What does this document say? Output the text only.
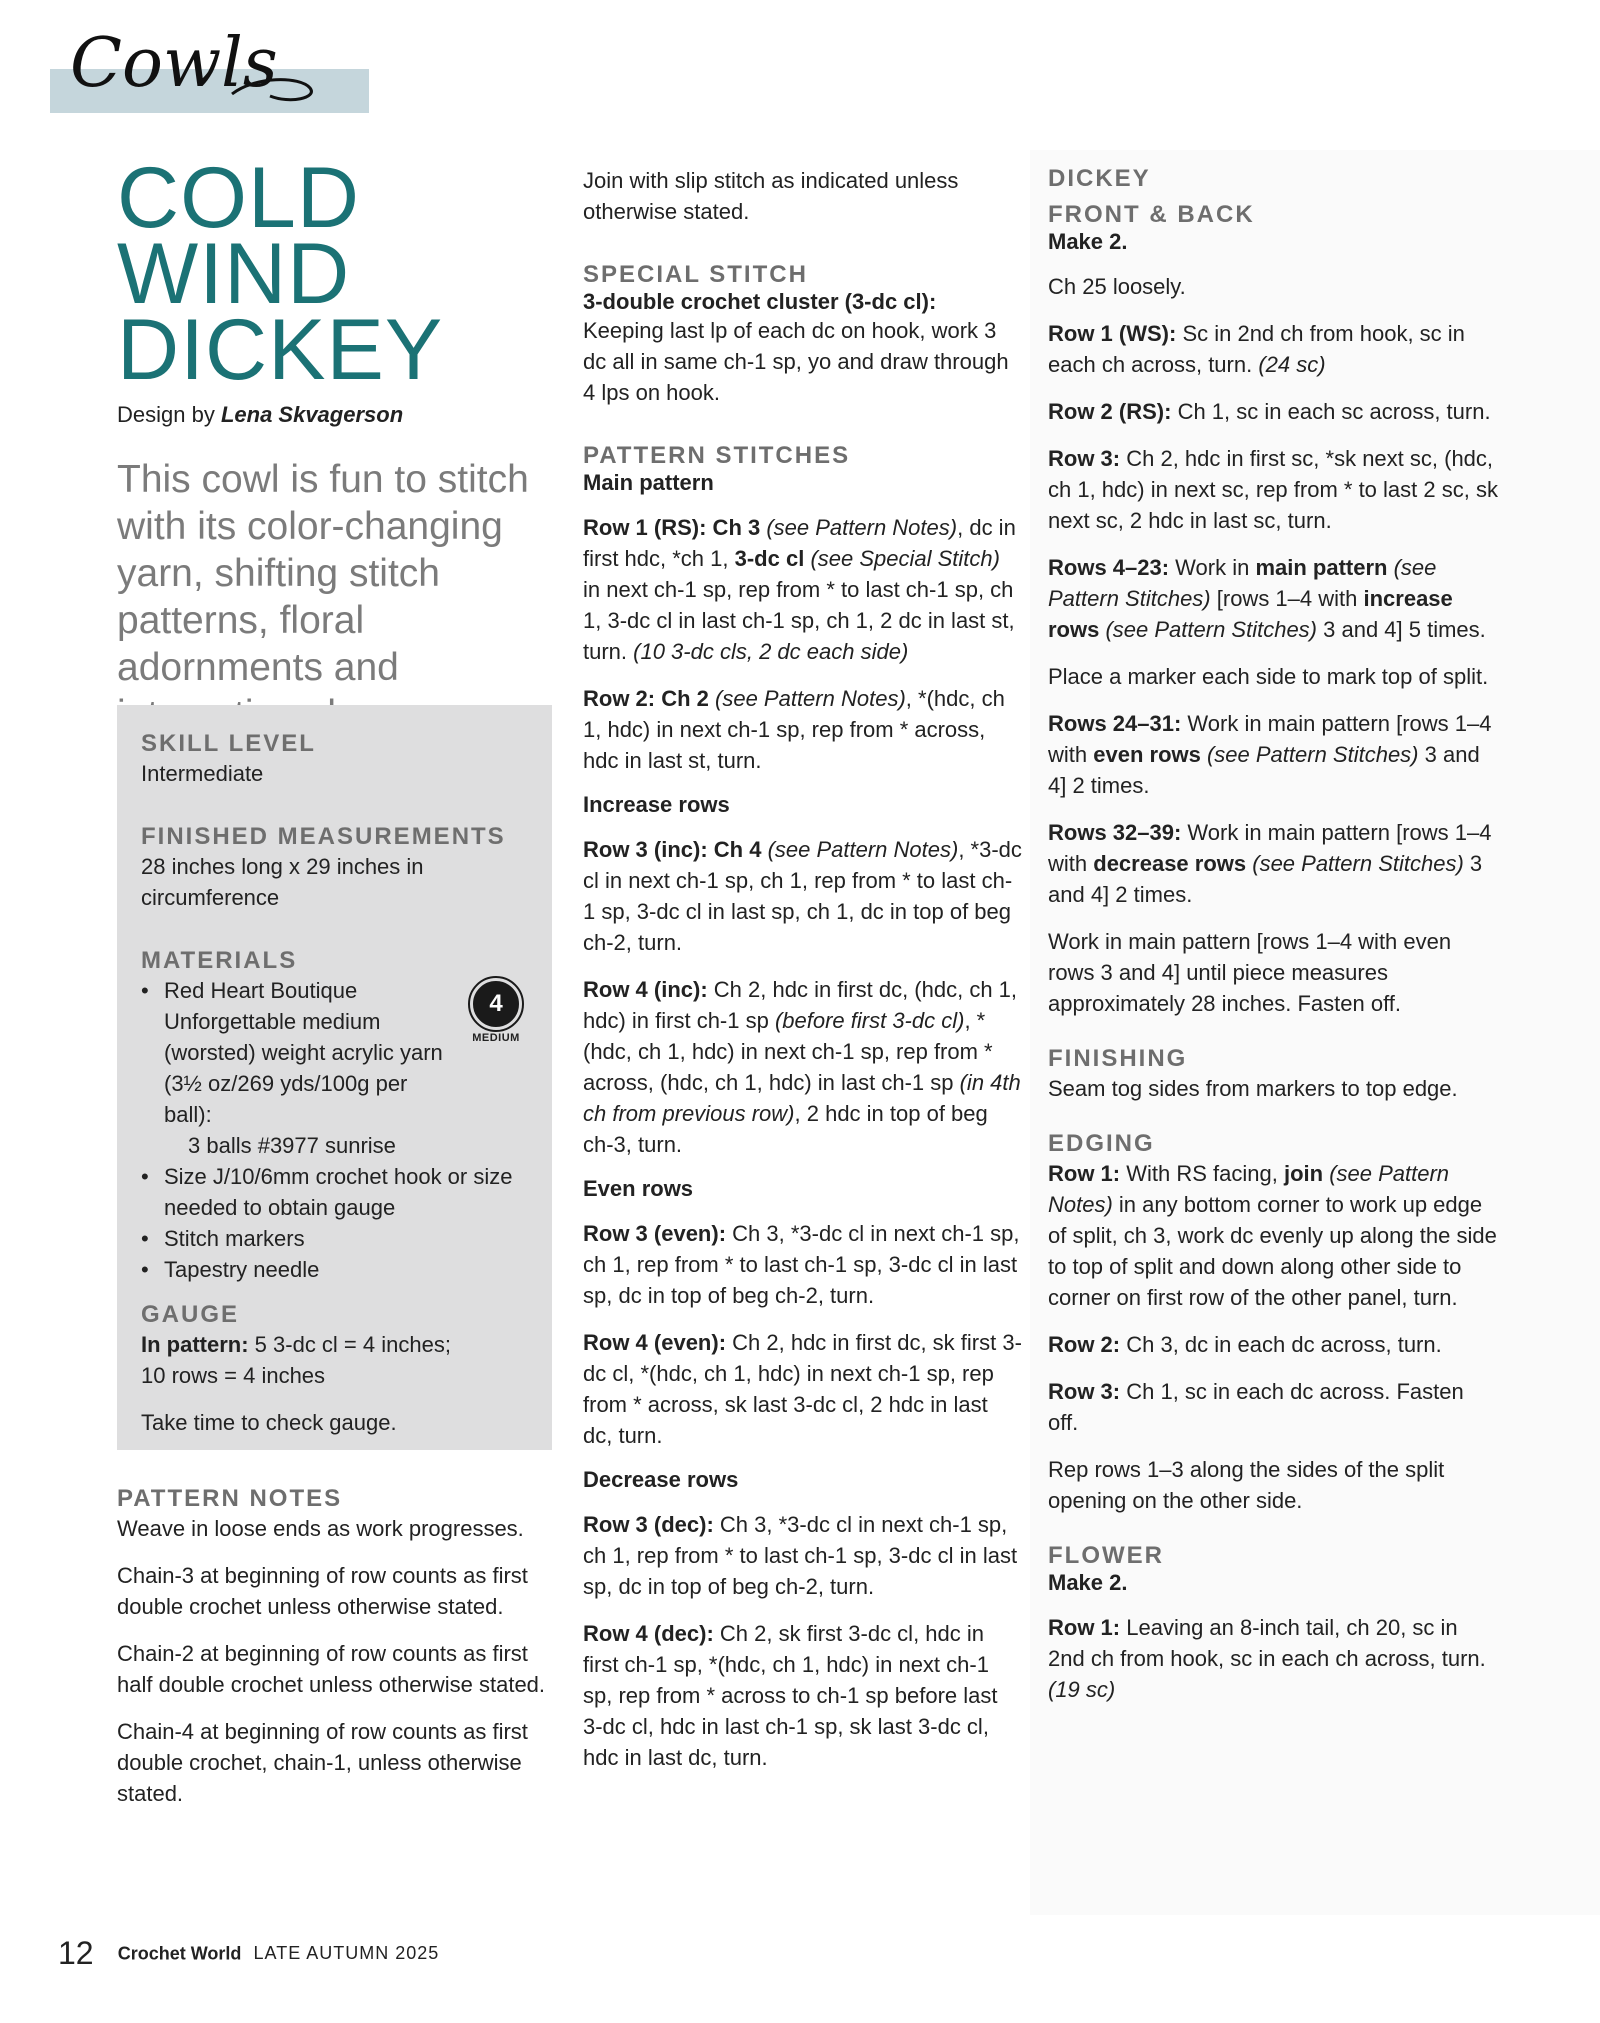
Cowls
COLD WIND
DICKEY
Design by Lena Skvagerson
This cowl is fun to stitch with its color-changing yarn, shifting stitch patterns, floral adornments and

SKILL LEVEL

Intermediate

FINISHED MEASUREMENTS

28 inches long x 29 inches in circumference

MATERIALS

• Red Heart Boutique Unforgettable medium (worsted) weight acrylic yarn (3½ oz/269 yds/100g per ball):
3 balls #3977 sunrise
• Size J/10/6mm crochet hook or size needed to obtain gauge
• Stitch markers
• Tapestry needle
4
MEDIUM

GAUGE

In pattern: 5 3-dc cl = 4 inches;

10 rows = 4 inches

Take time to check gauge.

PATTERN NOTES

Weave in loose ends as work progresses.

Chain-3 at beginning of row counts as first double crochet unless otherwise stated.

Chain-2 at beginning of row counts as first half double crochet unless otherwise stated.

Chain-4 at beginning of row counts as first double crochet, chain-1, unless otherwise stated.

Join with slip stitch as indicated unless otherwise stated.

SPECIAL STITCH

3-double crochet cluster (3-dc cl):

Keeping last lp of each dc on hook, work 3 dc all in same ch-1 sp, yo and draw through 4 lps on hook.

PATTERN STITCHES

Main pattern

Row 1 (RS): Ch 3 (see Pattern Notes), dc in first hdc, *ch 1, 3-dc cl (see Special Stitch) in next ch-1 sp, rep from * to last ch-1 sp, ch 1, 3-dc cl in last ch-1 sp, ch 1, 2 dc in last st, turn. (10 3-dc cls, 2 dc each side)

Row 2: Ch 2 (see Pattern Notes), *(hdc, ch 1, hdc) in next ch-1 sp, rep from * across, hdc in last st, turn.

Increase rows

Row 3 (inc): Ch 4 (see Pattern Notes), *3-dc cl in next ch-1 sp, ch 1, rep from * to last ch-1 sp, 3-dc cl in last sp, ch 1, dc in top of beg ch-2, turn.

Row 4 (inc): Ch 2, hdc in first dc, (hdc, ch 1, hdc) in first ch-1 sp (before first 3-dc cl), *(hdc, ch 1, hdc) in next ch-1 sp, rep from * across, (hdc, ch 1, hdc) in last ch-1 sp (in 4th ch from previous row), 2 hdc in top of beg ch-3, turn.

Even rows

Row 3 (even): Ch 3, *3-dc cl in next ch-1 sp, ch 1, rep from * to last ch-1 sp, 3-dc cl in last sp, dc in top of beg ch-2, turn.

Row 4 (even): Ch 2, hdc in first dc, sk first 3-dc cl, *(hdc, ch 1, hdc) in next ch-1 sp, rep from * across, sk last 3-dc cl, 2 hdc in last dc, turn.

Decrease rows

Row 3 (dec): Ch 3, *3-dc cl in next ch-1 sp, ch 1, rep from * to last ch-1 sp, 3-dc cl in last sp, dc in top of beg ch-2, turn.

Row 4 (dec): Ch 2, sk first 3-dc cl, hdc in first ch-1 sp, *(hdc, ch 1, hdc) in next ch-1 sp, rep from * across to ch-1 sp before last 3-dc cl, hdc in last ch-1 sp, sk last 3-dc cl, hdc in last dc, turn.

DICKEY

FRONT & BACK

Make 2.

Ch 25 loosely.

Row 1 (WS): Sc in 2nd ch from hook, sc in each ch across, turn. (24 sc)

Row 2 (RS): Ch 1, sc in each sc across, turn.

Row 3: Ch 2, hdc in first sc, *sk next sc, (hdc, ch 1, hdc) in next sc, rep from * to last 2 sc, sk next sc, 2 hdc in last sc, turn.

Rows 4–23: Work in main pattern (see Pattern Stitches) [rows 1–4 with increase rows (see Pattern Stitches) 3 and 4] 5 times.

Place a marker each side to mark top of split.

Rows 24–31: Work in main pattern [rows 1–4 with even rows (see Pattern Stitches) 3 and 4] 2 times.

Rows 32–39: Work in main pattern [rows 1–4 with decrease rows (see Pattern Stitches) 3 and 4] 2 times.

Work in main pattern [rows 1–4 with even rows 3 and 4] until piece measures approximately 28 inches. Fasten off.

FINISHING

Seam tog sides from markers to top edge.

EDGING

Row 1: With RS facing, join (see Pattern Notes) in any bottom corner to work up edge of split, ch 3, work dc evenly up along the side to top of split and down along other side to corner on first row of the other panel, turn.

Row 2: Ch 3, dc in each dc across, turn.

Row 3: Ch 1, sc in each dc across. Fasten off.

Rep rows 1–3 along the sides of the split opening on the other side.

FLOWER

Make 2.

Row 1: Leaving an 8-inch tail, ch 20, sc in 2nd ch from hook, sc in each ch across, turn. (19 sc)

12 Crochet World LATE AUTUMN 2025
